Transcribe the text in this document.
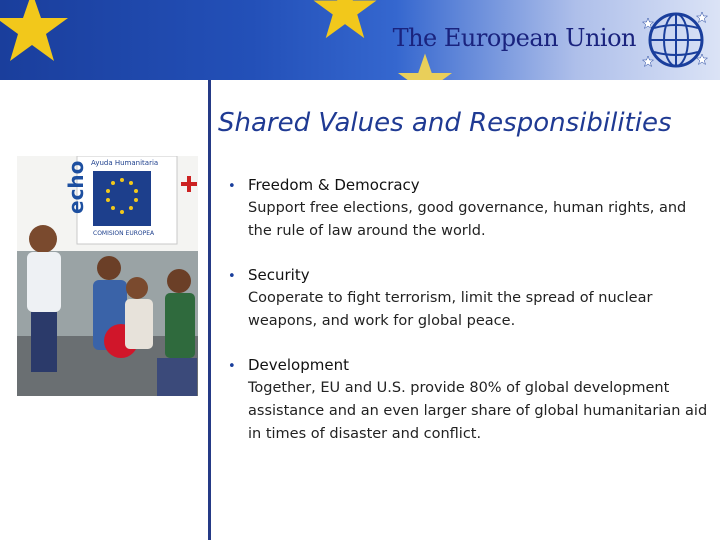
The European Union
Shared Values and Responsibilities
Ayuda Humanitaria
echo
COMISION EUROPEA
• Freedom & Democracy
Support free elections, good governance, human rights, and the rule of law around the world.
• Security
Cooperate to fight terrorism, limit the spread of nuclear weapons, and work for global peace.
• Development
Together, EU and U.S. provide 80% of global development assistance and an even larger share of global humanitarian aid in times of disaster and conflict.
